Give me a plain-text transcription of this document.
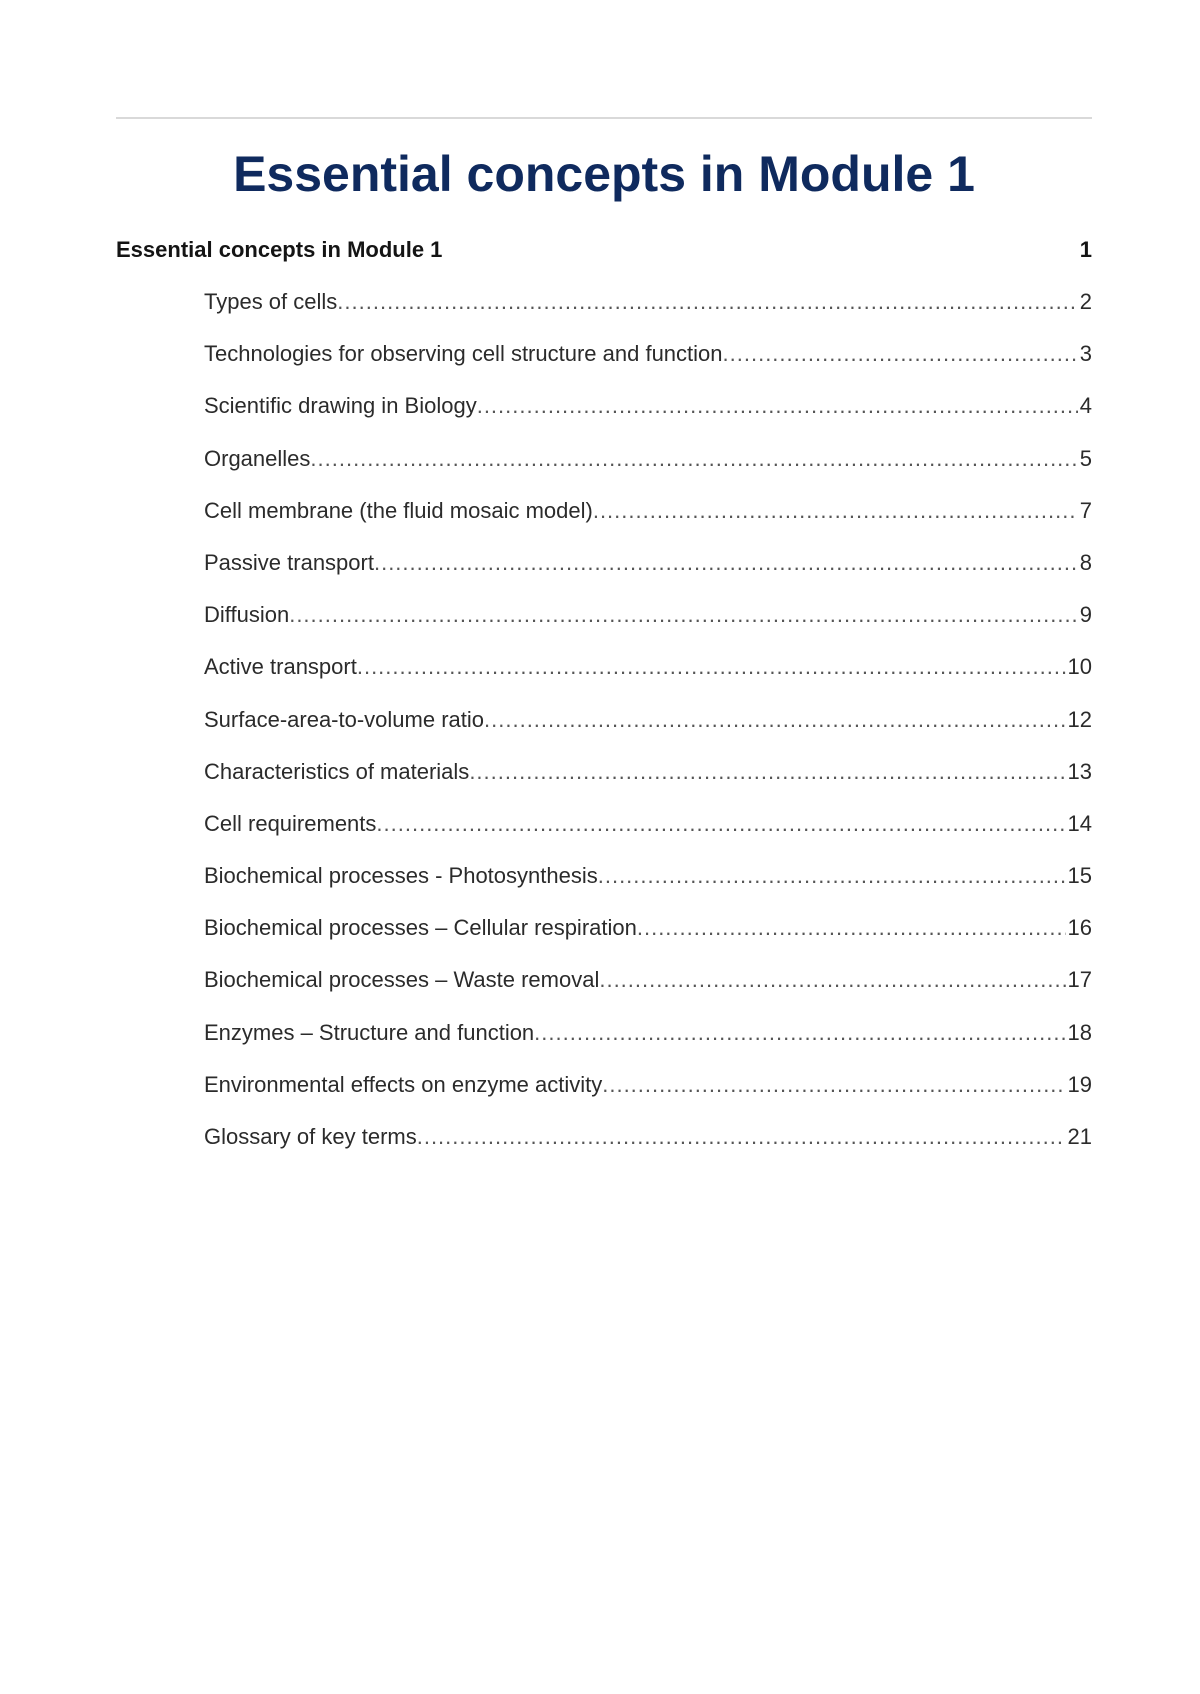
Essential concepts in Module 1
Essential concepts in Module 1	1
Types of cells .....	2
Technologies for observing cell structure and function .....	3
Scientific drawing in Biology .....	4
Organelles .....	5
Cell membrane (the fluid mosaic model) .....	7
Passive transport .....	8
Diffusion .....	9
Active transport .....	10
Surface-area-to-volume ratio .....	12
Characteristics of materials .....	13
Cell requirements .....	14
Biochemical processes - Photosynthesis .....	15
Biochemical processes – Cellular respiration .....	16
Biochemical processes – Waste removal .....	17
Enzymes – Structure and function .....	18
Environmental effects on enzyme activity .....	19
Glossary of key terms .....	21
